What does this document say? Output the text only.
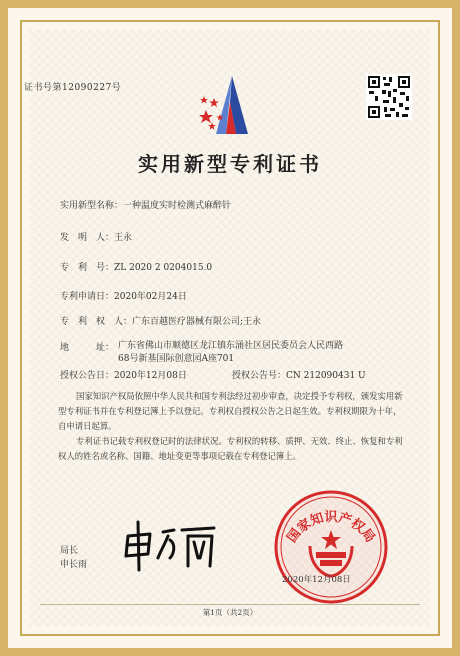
证书号第12090227号
实用新型专利证书
实用新型名称：一种温度实时检测式麻醉针
发　明　人：王永
专　利　号：ZL 2020 2 0204015.0
专利申请日：2020年02月24日
专　利　权　人：广东百越医疗器械有限公司;王永
地　　　址： 广东省佛山市顺德区龙江镇东涌社区居民委员会人民西路
68号新基国际创意园A座701
授权公告日：2020年12月08日	授权公告号：CN 212090431 U
国家知识产权局依照中华人民共和国专利法经过初步审查，决定授予专利权，颁发实用新型专利证书并在专利登记簿上予以登记。专利权自授权公告之日起生效。专利权期限为十年，自申请日起算。
专利证书记载专利权登记时的法律状况。专利权的转移、质押、无效、终止、恢复和专利权人的姓名或名称、国籍、地址变更等事项记载在专利登记簿上。
局长
申长雨
国家知识产权局
2020年12月08日
第1页（共2页）
